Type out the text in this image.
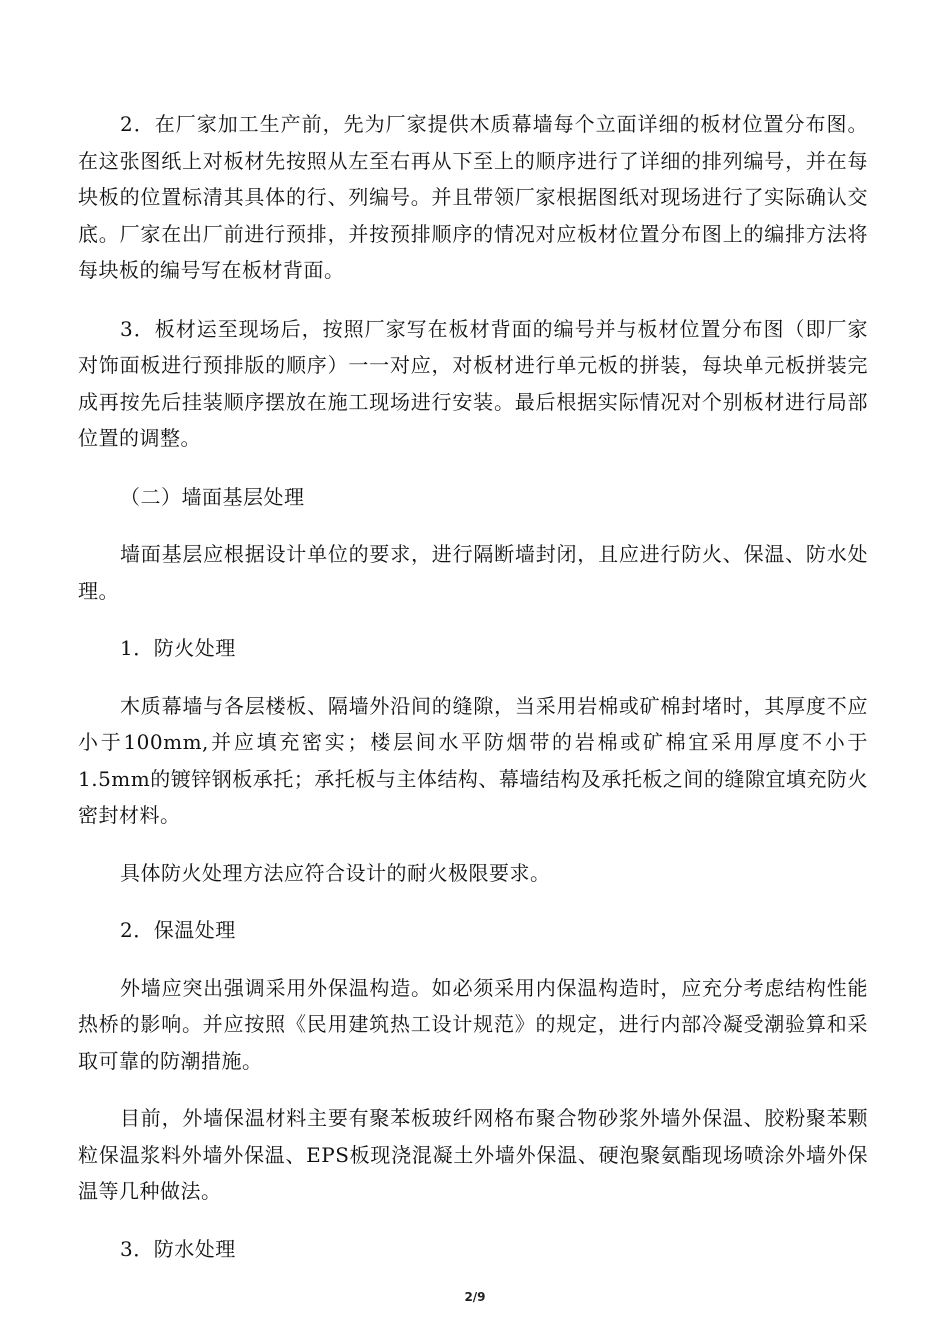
2．在厂家加工生产前，先为厂家提供木质幕墙每个立面详细的板材位置分布图。在这张图纸上对板材先按照从左至右再从下至上的顺序进行了详细的排列编号，并在每块板的位置标清其具体的行、列编号。并且带领厂家根据图纸对现场进行了实际确认交底。厂家在出厂前进行预排，并按预排顺序的情况对应板材位置分布图上的编排方法将每块板的编号写在板材背面。

3．板材运至现场后，按照厂家写在板材背面的编号并与板材位置分布图（即厂家对饰面板进行预排版的顺序）一一对应，对板材进行单元板的拼装，每块单元板拼装完成再按先后挂装顺序摆放在施工现场进行安装。最后根据实际情况对个别板材进行局部位置的调整。

（二）墙面基层处理

墙面基层应根据设计单位的要求，进行隔断墙封闭，且应进行防火、保温、防水处理。

1．防火处理

木质幕墙与各层楼板、隔墙外沿间的缝隙，当采用岩棉或矿棉封堵时，其厚度不应小于100mm,并应填充密实；楼层间水平防烟带的岩棉或矿棉宜采用厚度不小于1.5mm的镀锌钢板承托；承托板与主体结构、幕墙结构及承托板之间的缝隙宜填充防火密封材料。

具体防火处理方法应符合设计的耐火极限要求。

2．保温处理

外墙应突出强调采用外保温构造。如必须采用内保温构造时，应充分考虑结构性能热桥的影响。并应按照《民用建筑热工设计规范》的规定，进行内部冷凝受潮验算和采取可靠的防潮措施。

目前，外墙保温材料主要有聚苯板玻纤网格布聚合物砂浆外墙外保温、胶粉聚苯颗粒保温浆料外墙外保温、EPS板现浇混凝土外墙外保温、硬泡聚氨酯现场喷涂外墙外保温等几种做法。

3．防水处理

2/9
